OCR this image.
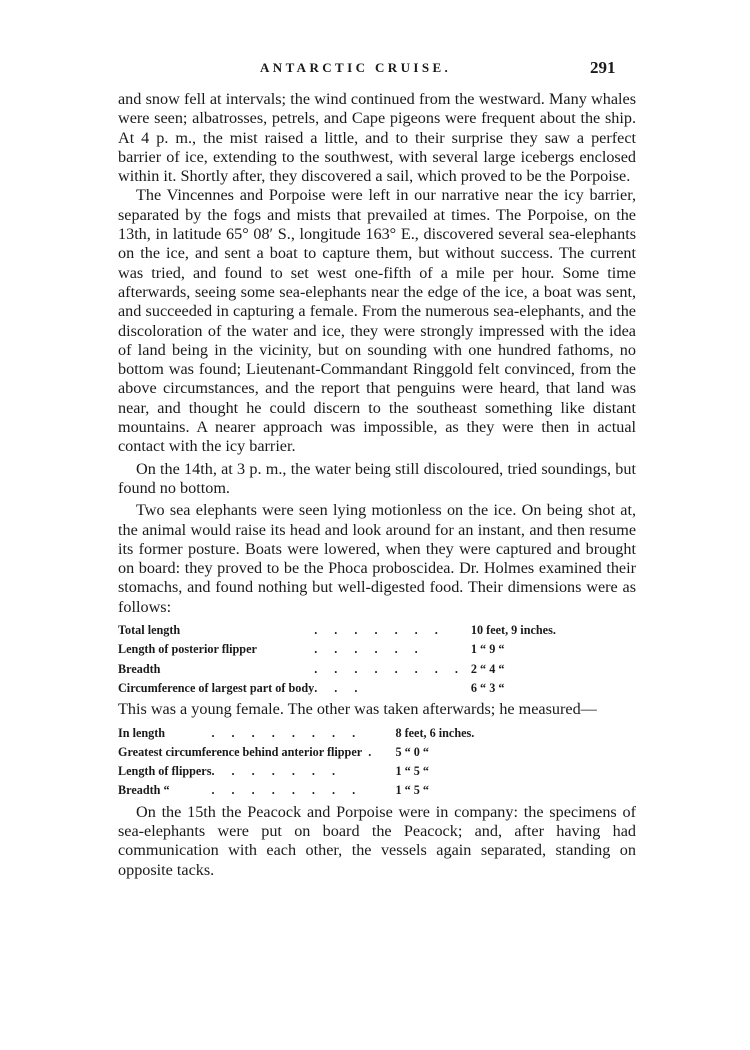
ANTARCTIC CRUISE.	291

and snow fell at intervals; the wind continued from the westward. Many whales were seen; albatrosses, petrels, and Cape pigeons were frequent about the ship. At 4 p. m., the mist raised a little, and to their surprise they saw a perfect barrier of ice, extending to the southwest, with several large icebergs enclosed within it. Shortly after, they discovered a sail, which proved to be the Porpoise.

The Vincennes and Porpoise were left in our narrative near the icy barrier, separated by the fogs and mists that prevailed at times. The Porpoise, on the 13th, in latitude 65° 08′ S., longitude 163° E., discovered several sea-elephants on the ice, and sent a boat to capture them, but without success. The current was tried, and found to set west one-fifth of a mile per hour. Some time afterwards, seeing some sea-elephants near the edge of the ice, a boat was sent, and succeeded in capturing a female. From the numerous sea-elephants, and the discoloration of the water and ice, they were strongly impressed with the idea of land being in the vicinity, but on sounding with one hundred fathoms, no bottom was found; Lieutenant-Commandant Ringgold felt convinced, from the above circumstances, and the report that penguins were heard, that land was near, and thought he could discern to the southeast something like distant mountains. A nearer approach was impossible, as they were then in actual contact with the icy barrier.

On the 14th, at 3 p. m., the water being still discoloured, tried soundings, but found no bottom.

Two sea elephants were seen lying motionless on the ice. On being shot at, the animal would raise its head and look around for an instant, and then resume its former posture. Boats were lowered, when they were captured and brought on board: they proved to be the Phoca proboscidea. Dr. Holmes examined their stomachs, and found nothing but well-digested food. Their dimensions were as follows:

Total length	. . . . . . .	10 feet, 9 inches.
Length of posterior flipper	. . . . . .	1 “ 9 “
Breadth	. . . . . . . .	2 “ 4 “
Circumference of largest part of body	. . .	6 “ 3 “

This was a young female. The other was taken afterwards; he measured—

In length	. . . . . . . .	8 feet, 6 inches.
Greatest circumference behind anterior flipper .		5 “ 0 “
Length of flippers	. . . . . . .	1 “ 5 “
Breadth “	. . . . . . . .	1 “ 5 “

On the 15th the Peacock and Porpoise were in company: the specimens of sea-elephants were put on board the Peacock; and, after having had communication with each other, the vessels again separated, standing on opposite tacks.
